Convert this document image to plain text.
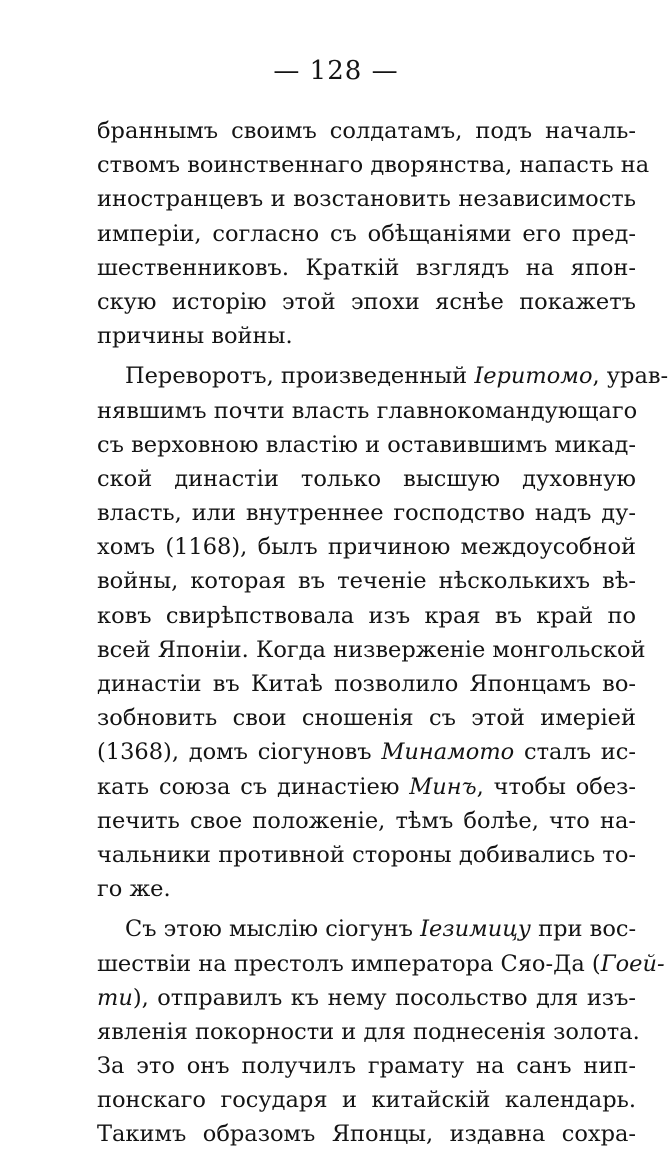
— 128 —
браннымъ своимъ солдатамъ, подъ началь-
ствомъ воинственнаго дворянства, напасть на
иностранцевъ и возстановить независимость
имперіи, согласно съ обѣщаніями его пред-
шественниковъ. Краткій взглядъ на япон-
скую исторію этой эпохи яснѣе покажетъ
причины войны.
Переворотъ, произведенный Іеритомо, урав-
нявшимъ почти власть главнокомандующаго
съ верховною властію и оставившимъ микад-
ской династіи только высшую духовную
власть, или внутреннее господство надъ ду-
хомъ (1168), былъ причиною междоусобной
войны, которая въ теченіе нѣсколькихъ вѣ-
ковъ свирѣпствовала изъ края въ край по
всей Японіи. Когда низверженіе монгольской
династіи въ Китаѣ позволило Японцамъ во-
зобновить свои сношенія съ этой имеріей
(1368), домъ сіогуновъ Минамото сталъ ис-
кать союза съ династіею Минъ, чтобы обез-
печить свое положеніе, тѣмъ болѣе, что на-
чальники противной стороны добивались то-
го же.
Съ этою мыслію сіогунъ Іезимицу при вос-
шествіи на престолъ императора Сяо-Да (Гоей-
ти), отправилъ къ нему посольство для изъ-
явленія покорности и для поднесенія золота.
За это онъ получилъ грамату на санъ нип-
понскаго государя и китайскій календарь.
Такимъ образомъ Японцы, издавна сохра-
